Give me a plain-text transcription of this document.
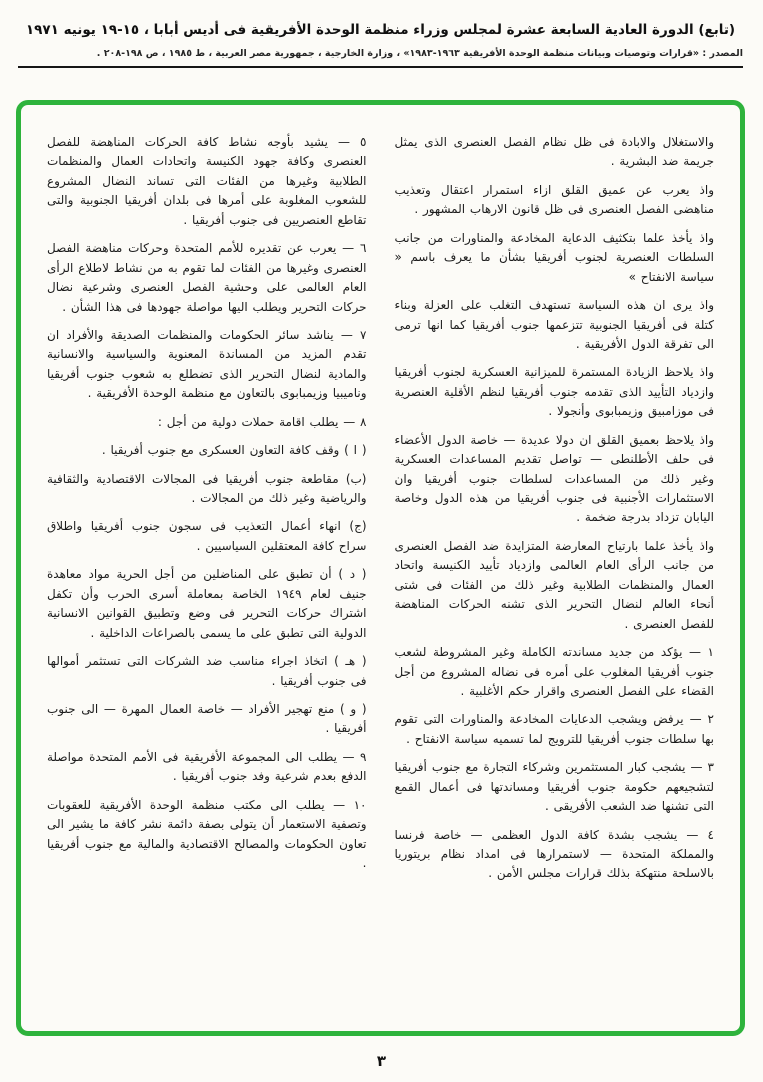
(تابع) الدورة العادية السابعة عشرة لمجلس وزراء منظمة الوحدة الأفريقية فى أديس أبابا ، ١٥-١٩ يونيه ١٩٧١
المصدر : «قرارات وتوصيات وبيانات منظمة الوحدة الأفريقية ١٩٦٣-١٩٨٣» ، وزارة الخارجية ، جمهورية مصر العربية ، ط ١٩٨٥ ، ص ١٩٨-٢٠٨ .

والاستغلال والابادة فى ظل نظام الفصل العنصرى الذى يمثل جريمة ضد البشرية .

واذ يعرب عن عميق القلق ازاء استمرار اعتقال وتعذيب مناهضى الفصل العنصرى فى ظل قانون الارهاب المشهور .

واذ يأخذ علما بتكثيف الدعاية المخادعة والمناورات من جانب السلطات العنصرية لجنوب أفريقيا بشأن ما يعرف باسم « سياسة الانفتاح »

واذ يرى ان هذه السياسة تستهدف التغلب على العزلة وبناء كتلة فى أفريقيا الجنوبية تتزعمها جنوب أفريقيا كما انها ترمى الى تفرقة الدول الأفريقية .

واذ يلاحظ الزيادة المستمرة للميزانية العسكرية لجنوب أفريقيا وازدياد التأييد الذى تقدمه جنوب أفريقيا لنظم الأقلية العنصرية فى موزامبيق وزيمبابوى وأنجولا .

واذ يلاحظ بعميق القلق ان دولا عديدة — خاصة الدول الأعضاء فى حلف الأطلنطى — تواصل تقديم المساعدات العسكرية وغير ذلك من المساعدات لسلطات جنوب أفريقيا وان الاستثمارات الأجنبية فى جنوب أفريقيا من هذه الدول وخاصة اليابان تزداد بدرجة ضخمة .

واذ يأخذ علما بارتياح المعارضة المتزايدة ضد الفصل العنصرى من جانب الرأى العام العالمى وازدياد تأييد الكنيسة واتحاد العمال والمنظمات الطلابية وغير ذلك من الفئات فى شتى أنحاء العالم لنضال التحرير الذى تشنه الحركات المناهضة للفصل العنصرى .

١ — يؤكد من جديد مساندته الكاملة وغير المشروطة لشعب جنوب أفريقيا المغلوب على أمره فى نضاله المشروع من أجل القضاء على الفصل العنصرى واقرار حكم الأغلبية .

٢ — يرفض ويشجب الدعايات المخادعة والمناورات التى تقوم بها سلطات جنوب أفريقيا للترويج لما تسميه سياسة الانفتاح .

٣ — يشجب كبار المستثمرين وشركاء التجارة مع جنوب أفريقيا لتشجيعهم حكومة جنوب أفريقيا ومساندتها فى أعمال القمع التى تشنها ضد الشعب الأفريقى .

٤ — يشجب بشدة كافة الدول العظمى — خاصة فرنسا والمملكة المتحدة — لاستمرارها فى امداد نظام بريتوريا بالاسلحة منتهكة بذلك قرارات مجلس الأمن .

٥ — يشيد بأوجه نشاط كافة الحركات المناهضة للفصل العنصرى وكافة جهود الكنيسة واتحادات العمال والمنظمات الطلابية وغيرها من الفئات التى تساند النضال المشروع للشعوب المغلوبة على أمرها فى بلدان أفريقيا الجنوبية والتى تقاطع العنصريين فى جنوب أفريقيا .

٦ — يعرب عن تقديره للأمم المتحدة وحركات مناهضة الفصل العنصرى وغيرها من الفئات لما تقوم به من نشاط لاطلاع الرأى العام العالمى على وحشية الفصل العنصرى وشرعية نضال حركات التحرير ويطلب اليها مواصلة جهودها فى هذا الشأن .

٧ — يناشد سائر الحكومات والمنظمات الصديقة والأفراد ان تقدم المزيد من المساندة المعنوية والسياسية والانسانية والمادية لنضال التحرير الذى تضطلع به شعوب جنوب أفريقيا وناميبيا وزيمبابوى بالتعاون مع منظمة الوحدة الأفريقية .

٨ — يطلب اقامة حملات دولية من أجل :

( ا ) وقف كافة التعاون العسكرى مع جنوب أفريقيا .

(ب) مقاطعة جنوب أفريقيا فى المجالات الاقتصادية والثقافية والرياضية وغير ذلك من المجالات .

(ج) انهاء أعمال التعذيب فى سجون جنوب أفريقيا واطلاق سراح كافة المعتقلين السياسيين .

( د ) أن تطبق على المناضلين من أجل الحرية مواد معاهدة جنيف لعام ١٩٤٩ الخاصة بمعاملة أسرى الحرب وأن تكفل اشتراك حركات التحرير فى وضع وتطبيق القوانين الانسانية الدولية التى تطبق على ما يسمى بالصراعات الداخلية .

( هـ ) اتخاذ اجراء مناسب ضد الشركات التى تستثمر أموالها فى جنوب أفريقيا .

( و ) منع تهجير الأفراد — خاصة العمال المهرة — الى جنوب أفريقيا .

٩ — يطلب الى المجموعة الأفريقية فى الأمم المتحدة مواصلة الدفع بعدم شرعية وفد جنوب أفريقيا .

١٠ — يطلب الى مكتب منظمة الوحدة الأفريقية للعقوبات وتصفية الاستعمار أن يتولى بصفة دائمة نشر كافة ما يشير الى تعاون الحكومات والمصالح الاقتصادية والمالية مع جنوب أفريقيا .

٣
